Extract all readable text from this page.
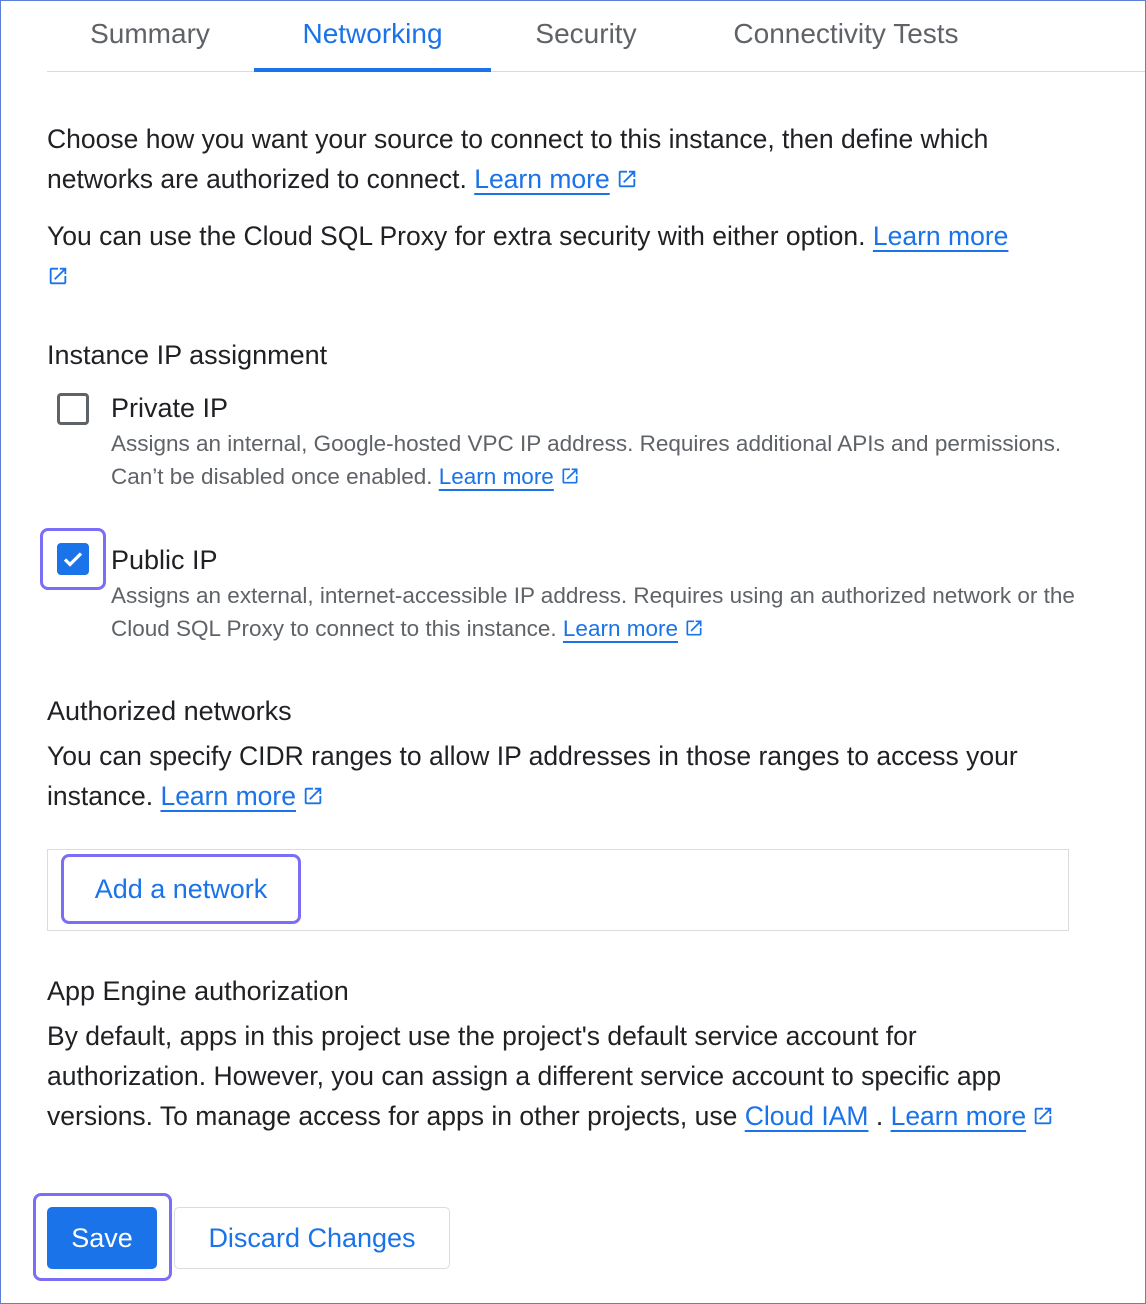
Summary	Networking	Security	Connectivity Tests
Choose how you want your source to connect to this instance, then define which networks are authorized to connect. Learn more
You can use the Cloud SQL Proxy for extra security with either option. Learn more

Instance IP assignment
Private IP
Assigns an internal, Google-hosted VPC IP address. Requires additional APIs and permissions. Can’t be disabled once enabled. Learn more
Public IP
Assigns an external, internet-accessible IP address. Requires using an authorized network or the Cloud SQL Proxy to connect to this instance. Learn more
Authorized networks
You can specify CIDR ranges to allow IP addresses in those ranges to access your instance. Learn more
Add a network
App Engine authorization
By default, apps in this project use the project's default service account for authorization. However, you can assign a different service account to specific app versions. To manage access for apps in other projects, use Cloud IAM . Learn more
Save	Discard Changes
